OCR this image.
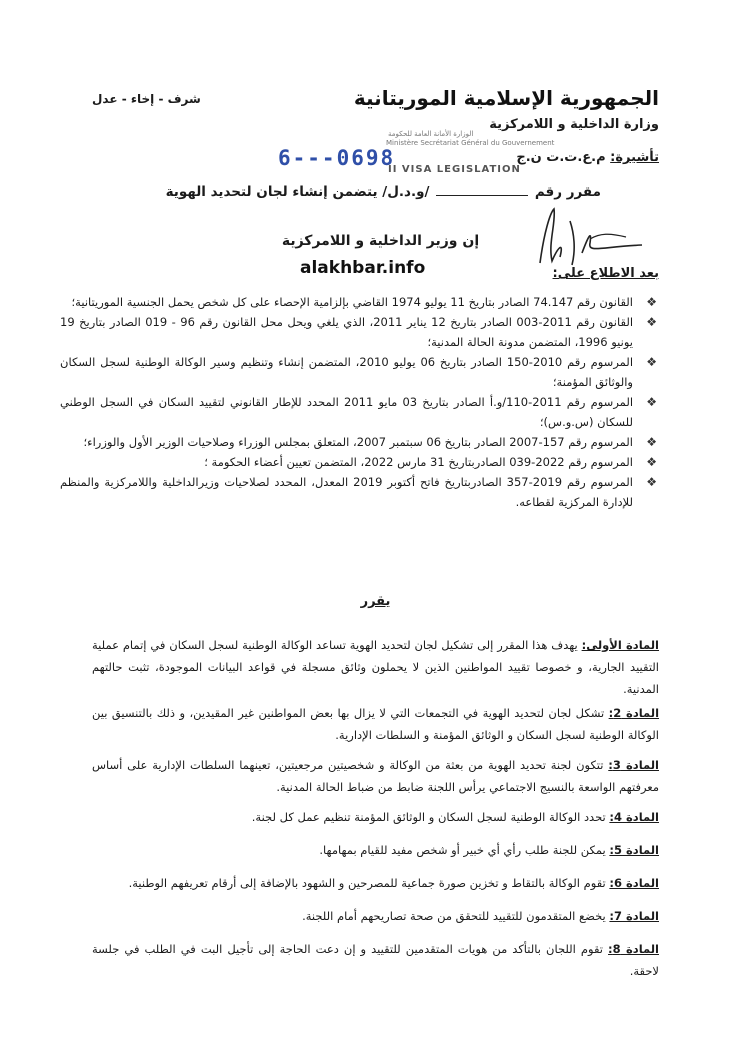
الجمهورية الإسلامية الموريتانية
وزارة الداخلية و اللامركزية
شرف - إخاء - عدل
تأشيرة: م.ع.ت.ت ن.ج
6---0698
الوزارة الأمانة العامة للحكومة
Ministère Secrétariat Général du Gouvernement
II VISA LEGISLATION
مقرر رقم  /و.د.ل/ يتضمن إنشاء لجان لتحديد الهوية
إن وزير الداخلية و اللامركزية
alakhbar.info	بعد الاطلاع على:
❖
القانون رقم 74.147 الصادر بتاريخ 11 يوليو 1974 القاضي بإلزامية الإحصاء على كل شخص يحمل الجنسية الموريتانية؛
❖
القانون رقم 2011-003 الصادر بتاريخ 12 يناير 2011، الذي يلغي ويحل محل القانون رقم 96 - 019 الصادر بتاريخ 19 يونيو 1996، المتضمن مدونة الحالة المدنية؛
❖
المرسوم رقم 2010-150 الصادر بتاريخ 06 يوليو 2010، المتضمن إنشاء وتنظيم وسير الوكالة الوطنية لسجل السكان والوثائق المؤمنة؛
❖
المرسوم رقم 2011-110/و.أ الصادر بتاريخ 03 مايو 2011 المحدد للإطار القانوني لتقييد السكان في السجل الوطني للسكان (س.و.س)؛
❖
المرسوم رقم 157-2007 الصادر بتاريخ 06 سبتمبر 2007، المتعلق بمجلس الوزراء وصلاحيات الوزير الأول والوزراء؛
❖
المرسوم رقم 2022-039 الصادربتاريخ 31 مارس 2022، المتضمن تعيين أعضاء الحكومة ؛
❖
المرسوم رقم 2019-357 الصادربتاريخ فاتح أكتوبر 2019 المعدل، المحدد لصلاحيات وزيرالداخلية واللامركزية والمنظم للإدارة المركزية لقطاعه.
يقرر

المادة الأولى: يهدف هذا المقرر إلى تشكيل لجان لتحديد الهوية تساعد الوكالة الوطنية لسجل السكان في إتمام عملية التقييد الجارية، و خصوصا تقييد المواطنين الذين لا يحملون وثائق مسجلة في قواعد البيانات الموجودة، تثبت حالتهم المدنية.

المادة 2: تشكل لجان لتحديد الهوية في التجمعات التي لا يزال بها بعض المواطنين غير المقيدين، و ذلك بالتنسيق بين الوكالة الوطنية لسجل السكان و الوثائق المؤمنة و السلطات الإدارية.

المادة 3: تتكون لجنة تحديد الهوية من بعثة من الوكالة و شخصيتين مرجعيتين، تعينهما السلطات الإدارية على أساس معرفتهم الواسعة بالنسيج الاجتماعي يرأس اللجنة ضابط من ضباط الحالة المدنية.

المادة 4: تحدد الوكالة الوطنية لسجل السكان و الوثائق المؤمنة تنظيم عمل كل لجنة.

المادة 5: يمكن للجنة طلب رأي أي خبير أو شخص مفيد للقيام بمهامها.

المادة 6: تقوم الوكالة بالتقاط و تخزين صورة جماعية للمصرحين و الشهود بالإضافة إلى أرقام تعريفهم الوطنية.

المادة 7: يخضع المتقدمون للتقييد للتحقق من صحة تصاريحهم أمام اللجنة.

المادة 8: تقوم اللجان بالتأكد من هويات المتقدمين للتقييد و إن دعت الحاجة إلى تأجيل البت في الطلب في جلسة لاحقة.
